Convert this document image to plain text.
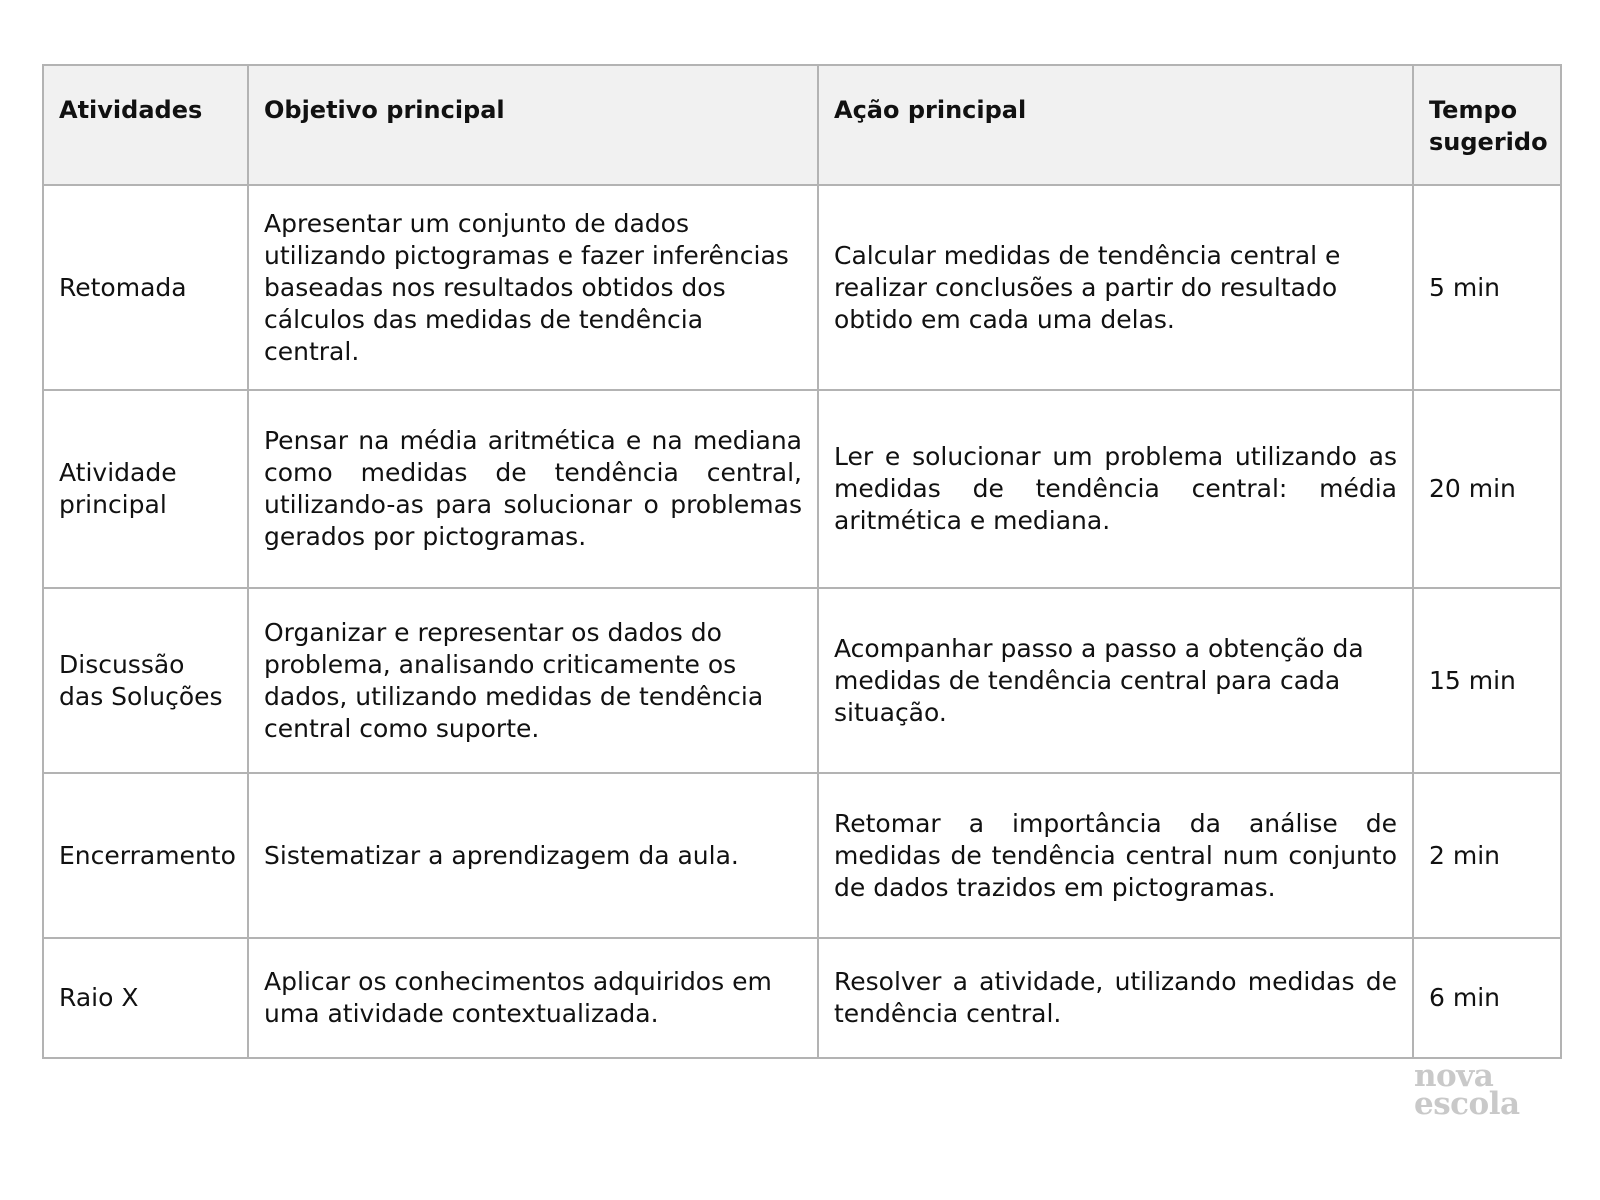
Atividades	Objetivo principal	Ação principal	Tempo sugerido
Retomada	Apresentar um conjunto de dados utilizando pictogramas e fazer inferências baseadas nos resultados obtidos dos cálculos das medidas de tendência central.	Calcular medidas de tendência central e realizar conclusões a partir do resultado obtido em cada uma delas.	5 min
Atividade principal	Pensar na média aritmética e na mediana como medidas de tendência central, utilizando-as para solucionar o problemas gerados por pictogramas.	Ler e solucionar um problema utilizando as medidas de tendência central: média aritmética e mediana.	20 min
Discussão das Soluções	Organizar e representar os dados do problema, analisando criticamente os dados, utilizando medidas de tendência central como suporte.	Acompanhar passo a passo a obtenção da medidas de tendência central para cada situação.	15 min
Encerramento	Sistematizar a aprendizagem da aula.	Retomar a importância da análise de medidas de tendência central num conjunto de dados trazidos em pictogramas.	2 min
Raio X	Aplicar os conhecimentos adquiridos em uma atividade contextualizada.	Resolver a atividade, utilizando medidas de tendência central.	6 min
nova
escola
